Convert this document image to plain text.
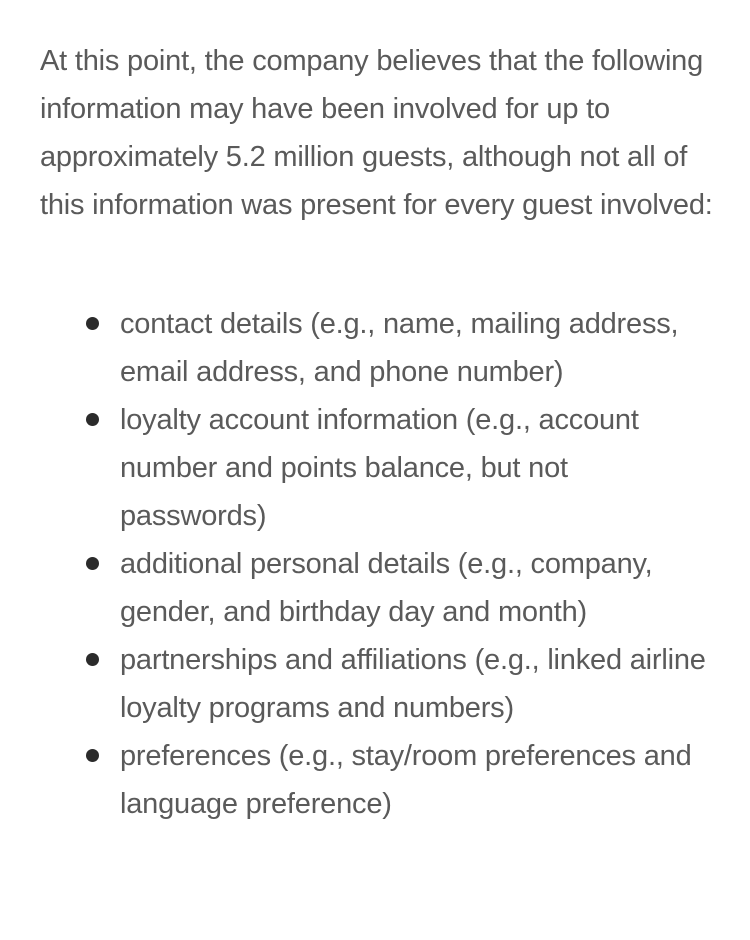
At this point, the company believes that the following information may have been involved for up to approximately 5.2 million guests, although not all of this information was present for every guest involved:

contact details (e.g., name, mailing address, email address, and phone number)
loyalty account information (e.g., account number and points balance, but not passwords)
additional personal details (e.g., company, gender, and birthday day and month)
partnerships and affiliations (e.g., linked airline loyalty programs and numbers)
preferences (e.g., stay/room preferences and language preference)
